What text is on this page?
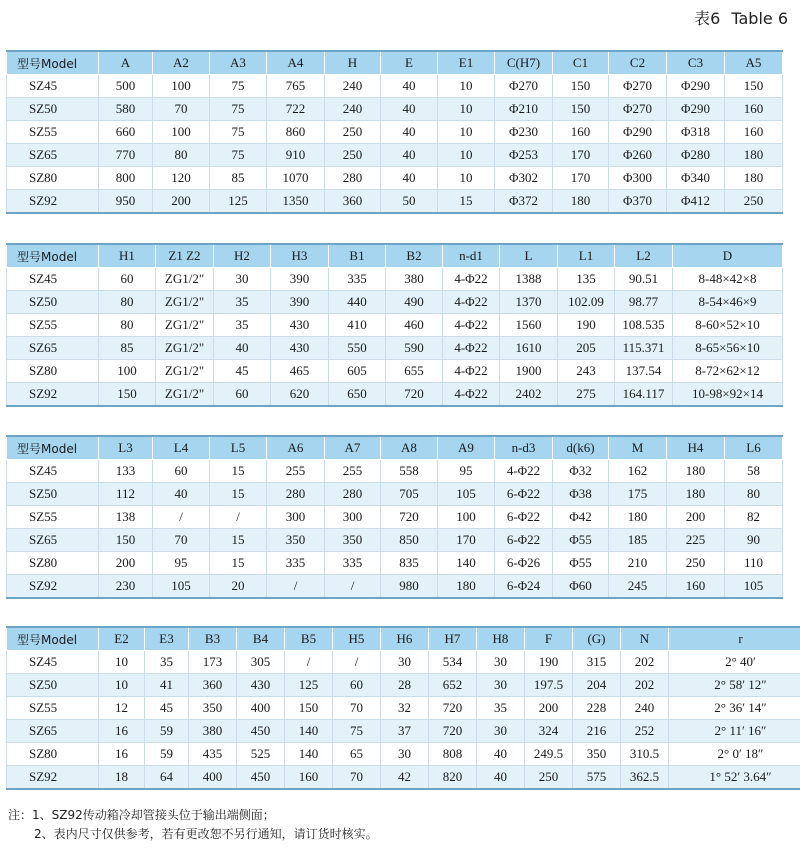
表6 Table 6
型号Model	A	A2	A3	A4	H	E	E1	C(H7)	C1	C2	C3	A5
SZ45	500	100	75	765	240	40	10	Φ270	150	Φ270	Φ290	150
SZ50	580	70	75	722	240	40	10	Φ210	150	Φ270	Φ290	160
SZ55	660	100	75	860	250	40	10	Φ230	160	Φ290	Φ318	160
SZ65	770	80	75	910	250	40	10	Φ253	170	Φ260	Φ280	180
SZ80	800	120	85	1070	280	40	10	Φ302	170	Φ300	Φ340	180
SZ92	950	200	125	1350	360	50	15	Φ372	180	Φ370	Φ412	250
型号Model	H1	Z1 Z2	H2	H3	B1	B2	n-d1	L	L1	L2	D
SZ45	60	ZG1/2"	30	390	335	380	4-Φ22	1388	135	90.51	8-48×42×8
SZ50	80	ZG1/2"	35	390	440	490	4-Φ22	1370	102.09	98.77	8-54×46×9
SZ55	80	ZG1/2"	35	430	410	460	4-Φ22	1560	190	108.535	8-60×52×10
SZ65	85	ZG1/2"	40	430	550	590	4-Φ22	1610	205	115.371	8-65×56×10
SZ80	100	ZG1/2"	45	465	605	655	4-Φ22	1900	243	137.54	8-72×62×12
SZ92	150	ZG1/2"	60	620	650	720	4-Φ22	2402	275	164.117	10-98×92×14
型号Model	L3	L4	L5	A6	A7	A8	A9	n-d3	d(k6)	M	H4	L6
SZ45	133	60	15	255	255	558	95	4-Φ22	Φ32	162	180	58
SZ50	112	40	15	280	280	705	105	6-Φ22	Φ38	175	180	80
SZ55	138	/	/	300	300	720	100	6-Φ22	Φ42	180	200	82
SZ65	150	70	15	350	350	850	170	6-Φ22	Φ55	185	225	90
SZ80	200	95	15	335	335	835	140	6-Φ26	Φ55	210	250	110
SZ92	230	105	20	/	/	980	180	6-Φ24	Φ60	245	160	105
型号Model	E2	E3	B3	B4	B5	H5	H6	H7	H8	F	(G)	N	r
SZ45	10	35	173	305	/	/	30	534	30	190	315	202	2° 40′
SZ50	10	41	360	430	125	60	28	652	30	197.5	204	202	2° 58′ 12″
SZ55	12	45	350	400	150	70	32	720	35	200	228	240	2° 36′ 14″
SZ65	16	59	380	450	140	75	37	720	30	324	216	252	2° 11′ 16″
SZ80	16	59	435	525	140	65	30	808	40	249.5	350	310.5	2° 0′ 18″
SZ92	18	64	400	450	160	70	42	820	40	250	575	362.5	1° 52′ 3.64″
注：1、SZ92传动箱冷却管接头位于输出端侧面；
2、表内尺寸仅供参考，若有更改恕不另行通知，请订货时核实。
